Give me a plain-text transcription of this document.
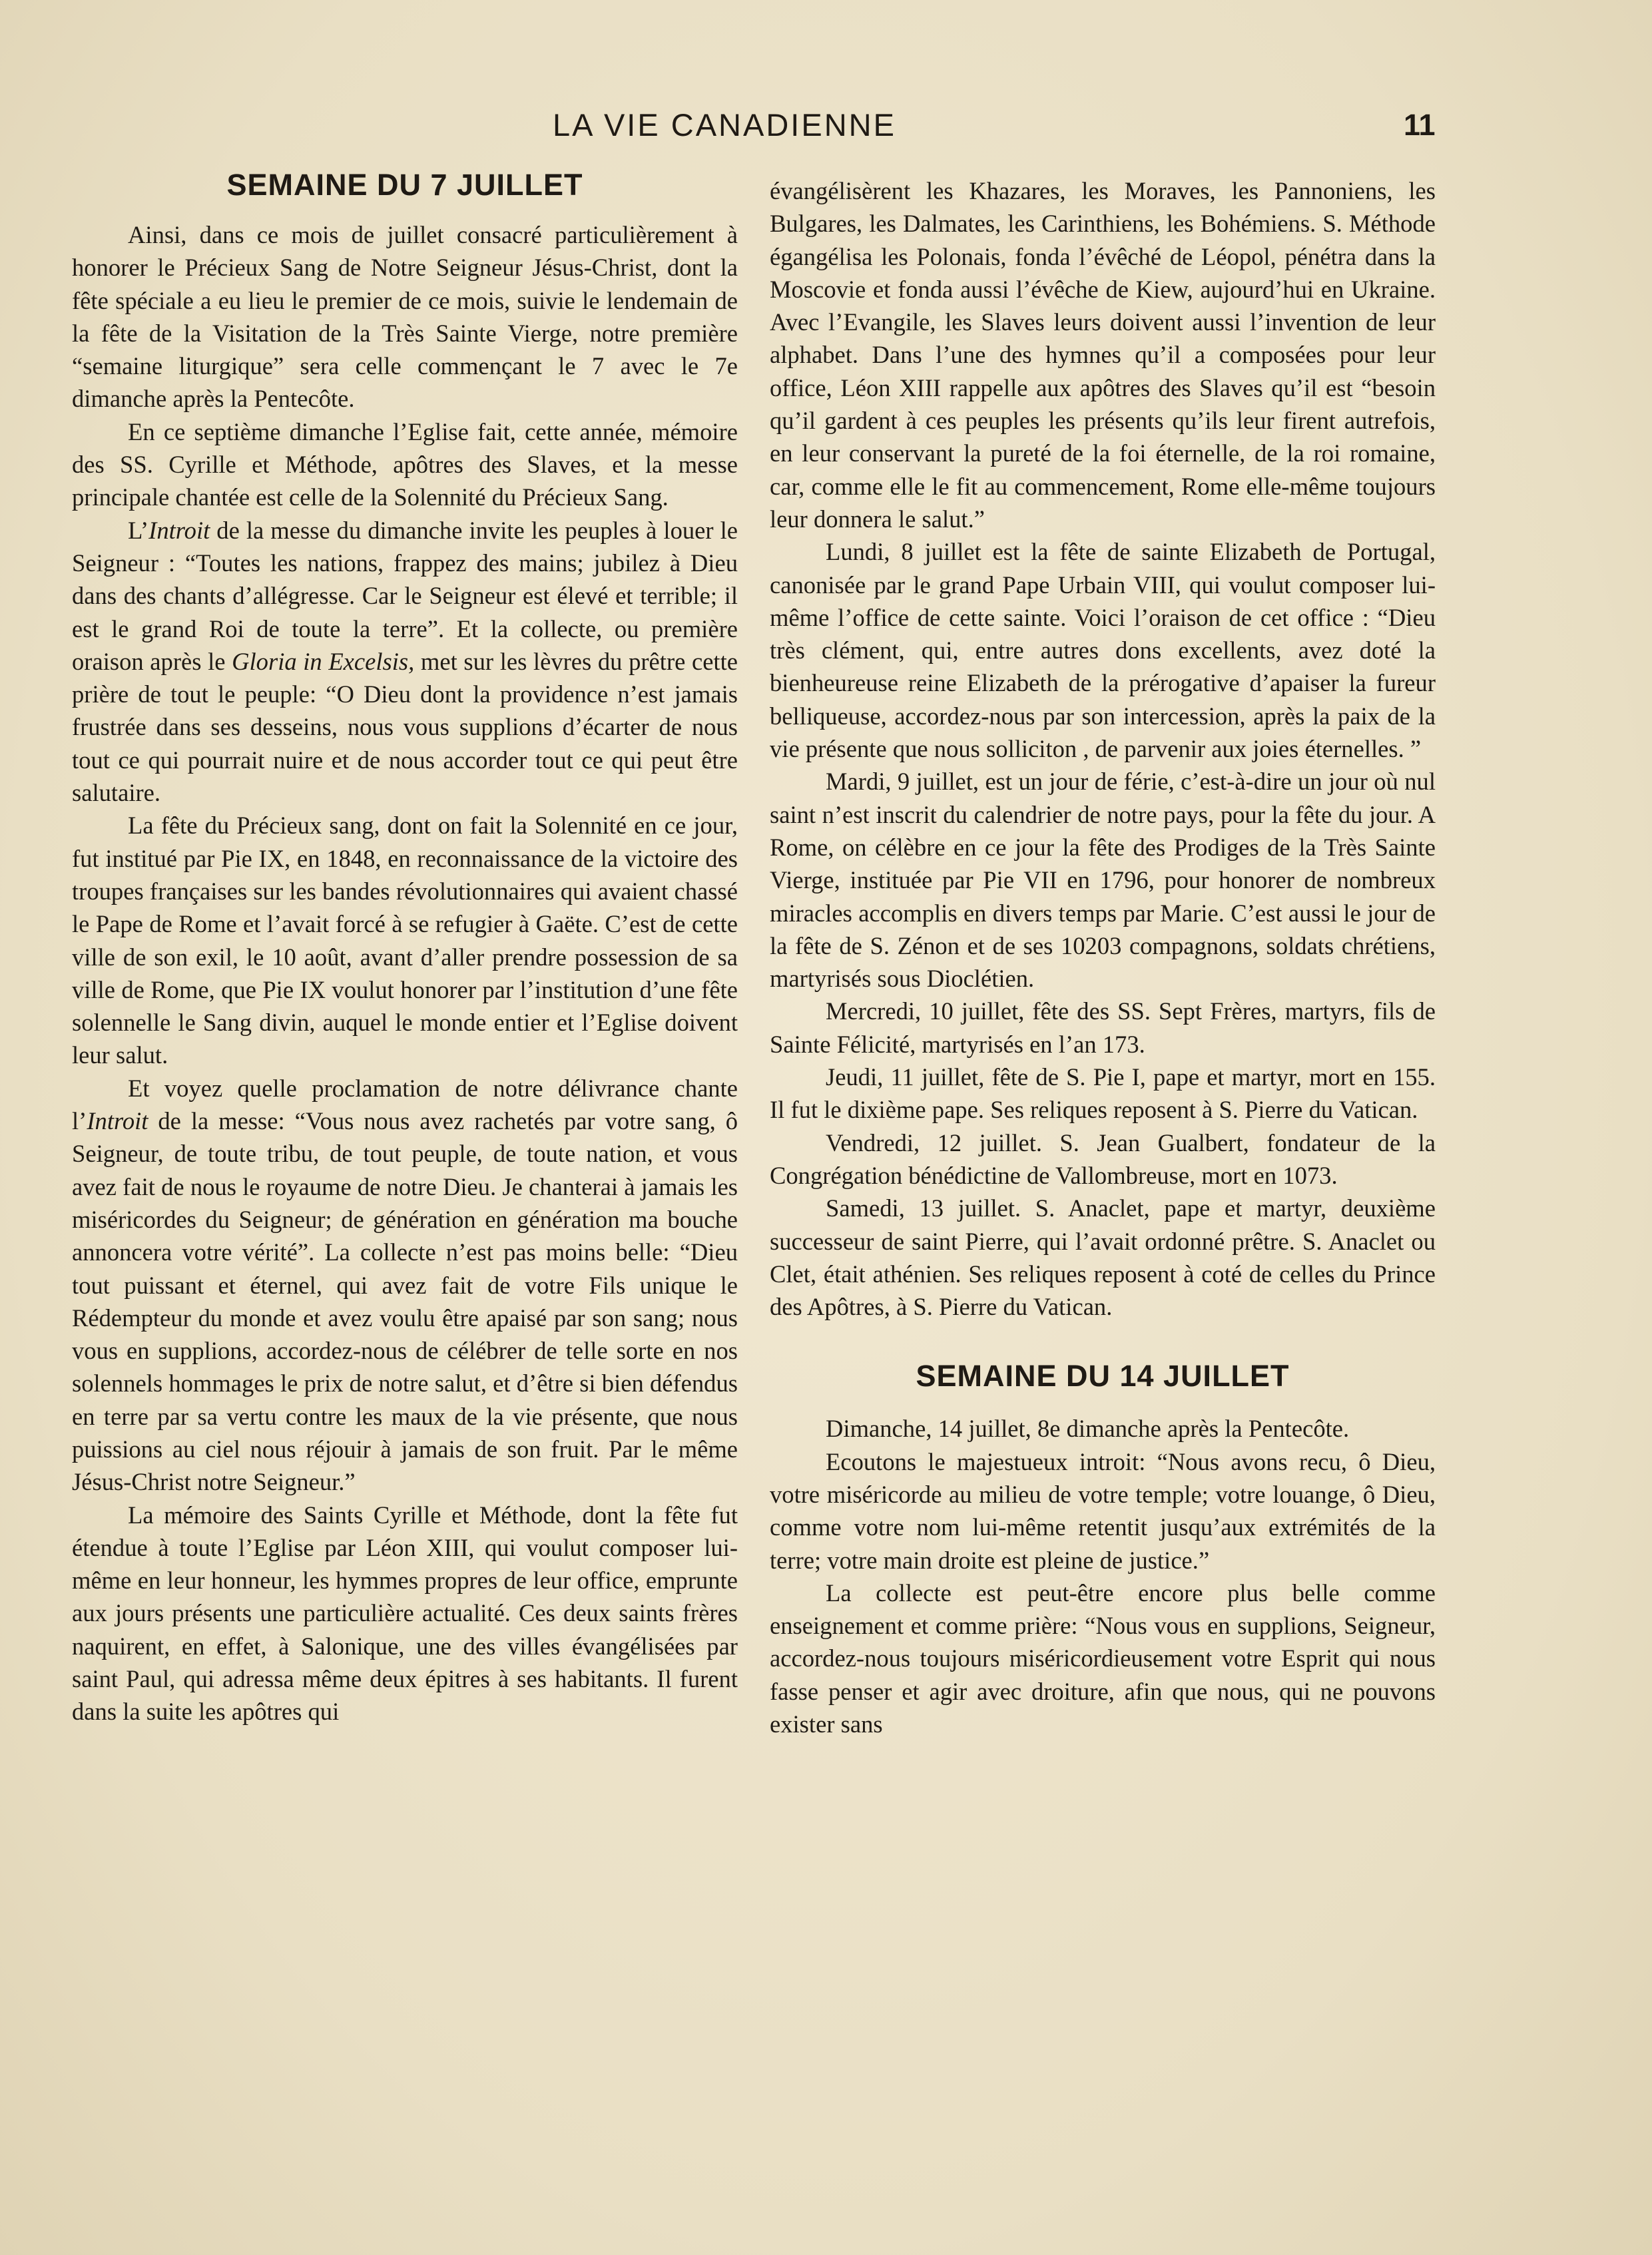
LA VIE CANADIENNE	11
SEMAINE DU 7 JUILLET

Ainsi, dans ce mois de juillet consacré particulièrement à honorer le Précieux Sang de Notre Seigneur Jésus-Christ, dont la fête spéciale a eu lieu le premier de ce mois, suivie le lendemain de la fête de la Visitation de la Très Sainte Vierge, notre première “semaine liturgique” sera celle commençant le 7 avec le 7e dimanche après la Pentecôte.

En ce septième dimanche l’Eglise fait, cette année, mémoire des SS. Cyrille et Méthode, apôtres des Slaves, et la messe principale chantée est celle de la Solennité du Précieux Sang.

L’Introit de la messe du dimanche invite les peuples à louer le Seigneur : “Toutes les nations, frappez des mains; jubilez à Dieu dans des chants d’allégresse. Car le Seigneur est élevé et terrible; il est le grand Roi de toute la terre”. Et la collecte, ou première oraison après le Gloria in Excelsis, met sur les lèvres du prêtre cette prière de tout le peuple: “O Dieu dont la providence n’est jamais frustrée dans ses desseins, nous vous supplions d’écarter de nous tout ce qui pourrait nuire et de nous accorder tout ce qui peut être salutaire.

La fête du Précieux sang, dont on fait la Solennité en ce jour, fut institué par Pie IX, en 1848, en reconnaissance de la victoire des troupes françaises sur les bandes révolutionnaires qui avaient chassé le Pape de Rome et l’avait forcé à se refugier à Gaëte. C’est de cette ville de son exil, le 10 août, avant d’aller prendre possession de sa ville de Rome, que Pie IX voulut honorer par l’institution d’une fête solennelle le Sang divin, auquel le monde entier et l’Eglise doivent leur salut.

Et voyez quelle proclamation de notre délivrance chante l’Introit de la messe: “Vous nous avez rachetés par votre sang, ô Seigneur, de toute tribu, de tout peuple, de toute nation, et vous avez fait de nous le royaume de notre Dieu. Je chanterai à jamais les miséricordes du Seigneur; de génération en génération ma bouche annoncera votre vérité”. La collecte n’est pas moins belle: “Dieu tout puissant et éternel, qui avez fait de votre Fils unique le Rédempteur du monde et avez voulu être apaisé par son sang; nous vous en supplions, accordez-nous de célébrer de telle sorte en nos solennels hommages le prix de notre salut, et d’être si bien défendus en terre par sa vertu contre les maux de la vie présente, que nous puissions au ciel nous réjouir à jamais de son fruit. Par le même Jésus-Christ notre Seigneur.”

La mémoire des Saints Cyrille et Méthode, dont la fête fut étendue à toute l’Eglise par Léon XIII, qui voulut composer lui-même en leur honneur, les hymmes propres de leur office, emprunte aux jours présents une particulière actualité. Ces deux saints frères naquirent, en effet, à Salonique, une des villes évangélisées par saint Paul, qui adressa même deux épitres à ses habitants. Il furent dans la suite les apôtres qui

évangélisèrent les Khazares, les Moraves, les Pannoniens, les Bulgares, les Dalmates, les Carinthiens, les Bohémiens. S. Méthode égangélisa les Polonais, fonda l’évêché de Léopol, pénétra dans la Moscovie et fonda aussi l’évêche de Kiew, aujourd’hui en Ukraine. Avec l’Evangile, les Slaves leurs doivent aussi l’invention de leur alphabet. Dans l’une des hymnes qu’il a composées pour leur office, Léon XIII rappelle aux apôtres des Slaves qu’il est “besoin qu’il gardent à ces peuples les présents qu’ils leur firent autrefois, en leur conservant la pureté de la foi éternelle, de la roi romaine, car, comme elle le fit au commencement, Rome elle-même toujours leur donnera le salut.”

Lundi, 8 juillet est la fête de sainte Elizabeth de Portugal, canonisée par le grand Pape Urbain VIII, qui voulut composer lui-même l’office de cette sainte. Voici l’oraison de cet office : “Dieu très clément, qui, entre autres dons excellents, avez doté la bienheureuse reine Elizabeth de la prérogative d’apaiser la fureur belliqueuse, accordez-nous par son intercession, après la paix de la vie présente que nous solliciton , de parvenir aux joies éternelles. ”

Mardi, 9 juillet, est un jour de férie, c’est-à-dire un jour où nul saint n’est inscrit du calendrier de notre pays, pour la fête du jour. A Rome, on célèbre en ce jour la fête des Prodiges de la Très Sainte Vierge, instituée par Pie VII en 1796, pour honorer de nombreux miracles accomplis en divers temps par Marie. C’est aussi le jour de la fête de S. Zénon et de ses 10203 compagnons, soldats chrétiens, martyrisés sous Dioclétien.

Mercredi, 10 juillet, fête des SS. Sept Frères, martyrs, fils de Sainte Félicité, martyrisés en l’an 173.

Jeudi, 11 juillet, fête de S. Pie I, pape et martyr, mort en 155. Il fut le dixième pape. Ses reliques reposent à S. Pierre du Vatican.

Vendredi, 12 juillet. S. Jean Gualbert, fondateur de la Congrégation bénédictine de Vallombreuse, mort en 1073.

Samedi, 13 juillet. S. Anaclet, pape et martyr, deuxième successeur de saint Pierre, qui l’avait ordonné prêtre. S. Anaclet ou Clet, était athénien. Ses reliques reposent à coté de celles du Prince des Apôtres, à S. Pierre du Vatican.

SEMAINE DU 14 JUILLET

Dimanche, 14 juillet, 8e dimanche après la Pentecôte.

Ecoutons le majestueux introit: “Nous avons recu, ô Dieu, votre miséricorde au milieu de votre temple; votre louange, ô Dieu, comme votre nom lui-même retentit jusqu’aux extrémités de la terre; votre main droite est pleine de justice.”

La collecte est peut-être encore plus belle comme enseignement et comme prière: “Nous vous en supplions, Seigneur, accordez-nous toujours miséricordieusement votre Esprit qui nous fasse penser et agir avec droiture, afin que nous, qui ne pouvons exister sans
